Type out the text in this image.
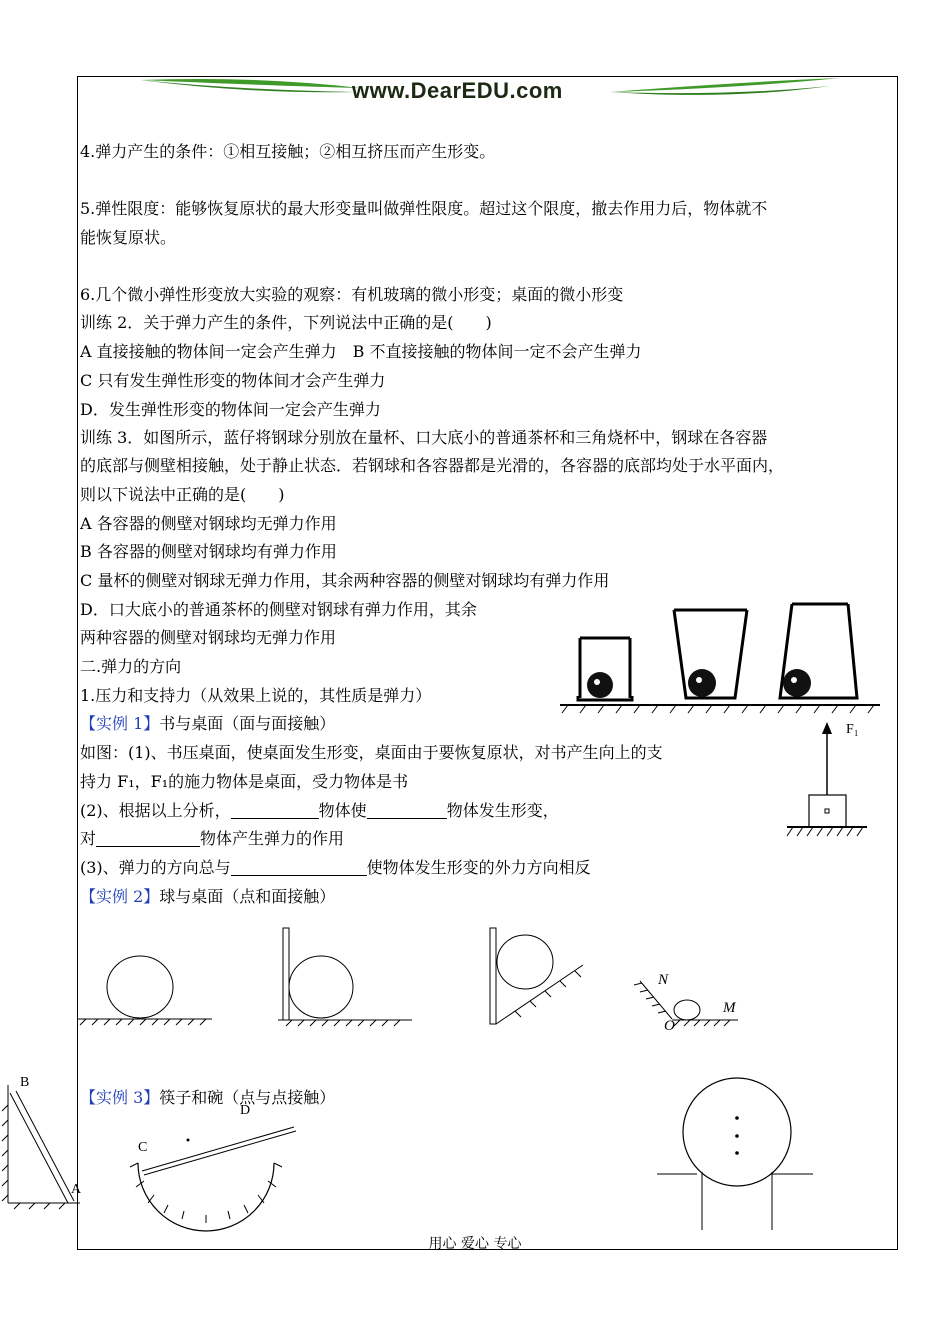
www.DearEDU.com
4.弹力产生的条件：①相互接触；②相互挤压而产生形变。
5.弹性限度：能够恢复原状的最大形变量叫做弹性限度。超过这个限度，撤去作用力后，物体就不
能恢复原状。
6.几个微小弹性形变放大实验的观察：有机玻璃的微小形变；桌面的微小形变
训练 2．关于弹力产生的条件，下列说法中正确的是(　　)
A 直接接触的物体间一定会产生弹力　B 不直接接触的物体间一定不会产生弹力
C 只有发生弹性形变的物体间才会产生弹力
D．发生弹性形变的物体间一定会产生弹力
训练 3．如图所示，蓝仔将钢球分别放在量杯、口大底小的普通茶杯和三角烧杯中，钢球在各容器
的底部与侧壁相接触，处于静止状态．若钢球和各容器都是光滑的，各容器的底部均处于水平面内，
则以下说法中正确的是(　　)
A 各容器的侧壁对钢球均无弹力作用
B 各容器的侧壁对钢球均有弹力作用
C 量杯的侧壁对钢球无弹力作用，其余两种容器的侧壁对钢球均有弹力作用
D．口大底小的普通茶杯的侧壁对钢球有弹力作用，其余
两种容器的侧壁对钢球均无弹力作用
二.弹力的方向
1.压力和支持力（从效果上说的，其性质是弹力）
【实例 1】书与桌面（面与面接触）
如图：(1)、书压桌面，使桌面发生形变，桌面由于要恢复原状，对书产生向上的支
持力 F₁，F₁的施力物体是桌面，受力物体是书
(2)、根据以上分析，	物体使	物体发生形变，
对	物体产生弹力的作用
(3)、弹力的方向总与	使物体发生形变的外力方向相反
【实例 2】球与桌面（点和面接触）
【实例 3】筷子和碗（点与点接触）
F₁
N
M
O
B
A
C
D
用心 爱心 专心
